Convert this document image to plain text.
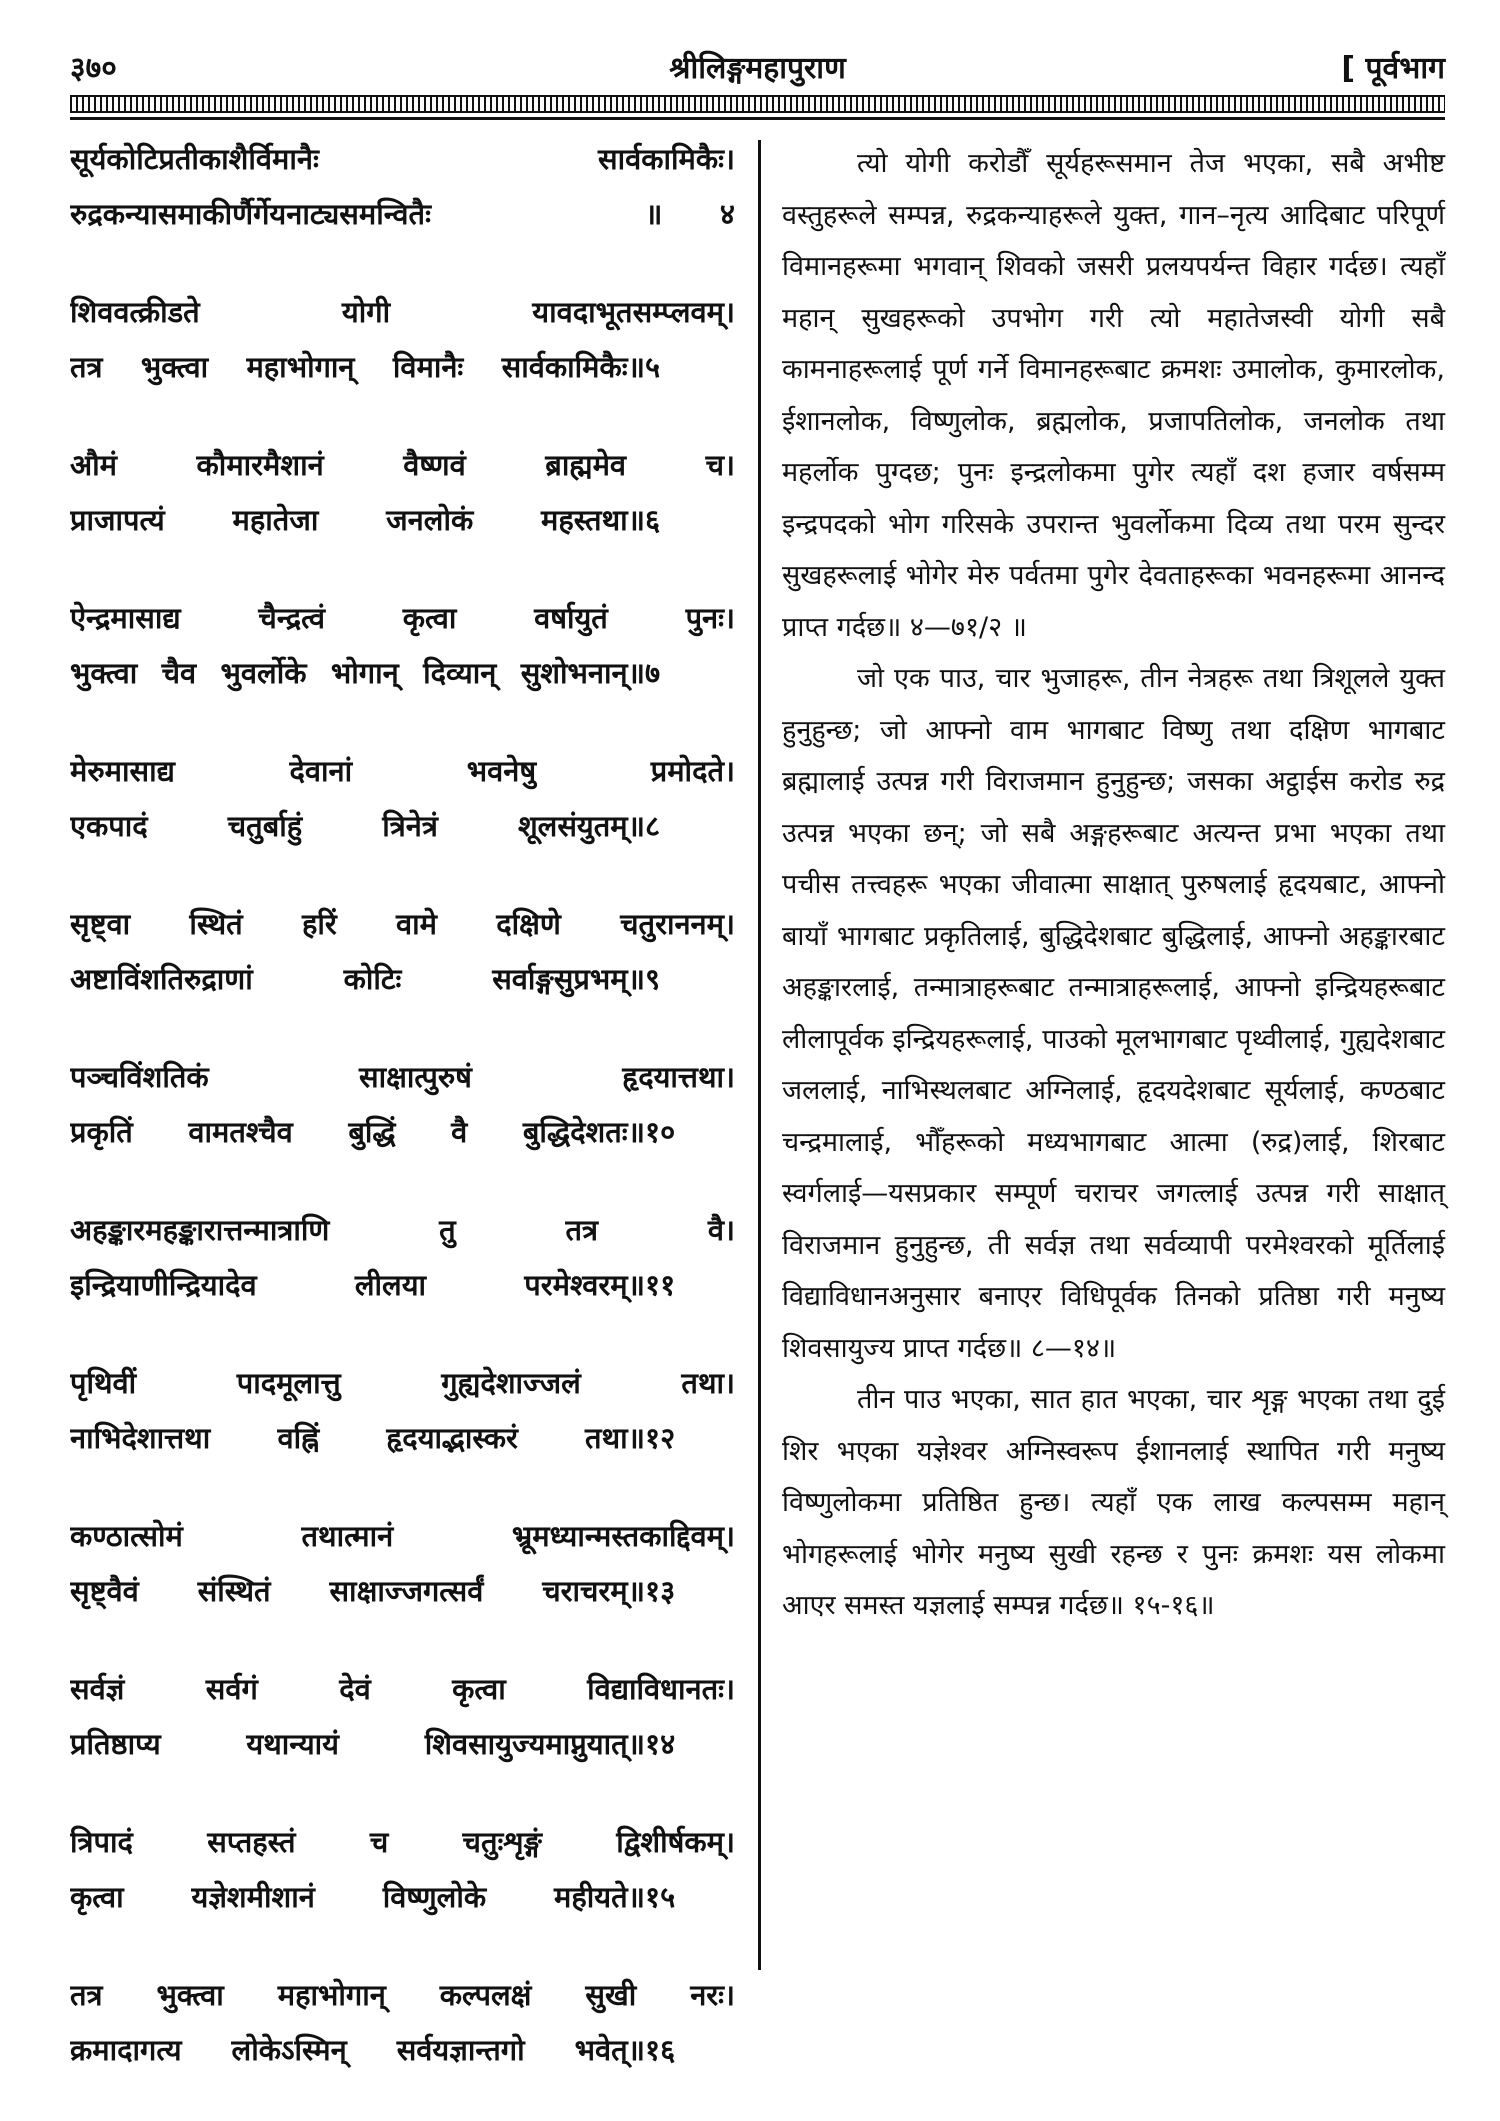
३७०	श्रीलिङ्गमहापुराण	[ पूर्वभाग
सूर्यकोटिप्रतीकाशैर्विमानैः सार्वकामिकैः।
रुद्रकन्यासमाकीर्णैर्गेयनाट्यसमन्वितैः	॥ ४
शिववत्क्रीडते योगी यावदाभूतसम्प्लवम्।
तत्र भुक्त्वा महाभोगान् विमानैः सार्वकामिकैः॥ ५
औमं कौमारमैशानं वैष्णवं ब्राह्ममेव च।
प्राजापत्यं महातेजा जनलोकं महस्तथा॥ ६
ऐन्द्रमासाद्य चैन्द्रत्वं कृत्वा वर्षायुतं पुनः।
भुक्त्वा चैव भुवर्लोके भोगान् दिव्यान् सुशोभनान्॥ ७
मेरुमासाद्य देवानां भवनेषु प्रमोदते।
एकपादं चतुर्बाहुं त्रिनेत्रं शूलसंयुतम्॥ ८
सृष्ट्वा स्थितं हरिं वामे दक्षिणे चतुराननम्।
अष्टाविंशतिरुद्राणां कोटिः सर्वाङ्गसुप्रभम्॥ ९
पञ्चविंशतिकं साक्षात्पुरुषं हृदयात्तथा।
प्रकृतिं वामतश्चैव बुद्धिं वै बुद्धिदेशतः॥ १०
अहङ्कारमहङ्कारात्तन्मात्राणि तु तत्र वै।
इन्द्रियाणीन्द्रियादेव लीलया परमेश्वरम्॥ ११
पृथिवीं पादमूलात्तु गुह्यदेशाज्जलं तथा।
नाभिदेशात्तथा वह्निं हृदयाद्भास्करं तथा॥ १२
कण्ठात्सोमं तथात्मानं भ्रूमध्यान्मस्तकाद्दिवम्।
सृष्ट्वैवं संस्थितं साक्षाज्जगत्सर्वं चराचरम्॥ १३
सर्वज्ञं सर्वगं देवं कृत्वा विद्याविधानतः।
प्रतिष्ठाप्य यथान्यायं शिवसायुज्यमाप्नुयात्॥ १४
त्रिपादं सप्तहस्तं च चतुःशृङ्गं द्विशीर्षकम्।
कृत्वा यज्ञेशमीशानं विष्णुलोके महीयते॥ १५
तत्र भुक्त्वा महाभोगान् कल्पलक्षं सुखी नरः।
क्रमादागत्य लोकेऽस्मिन् सर्वयज्ञान्तगो भवेत्॥ १६

त्यो योगी करोडौँ सूर्यहरूसमान तेज भएका, सबै अभीष्ट वस्तुहरूले सम्पन्न, रुद्रकन्याहरूले युक्त, गान–नृत्य आदिबाट परिपूर्ण विमानहरूमा भगवान् शिवको जसरी प्रलयपर्यन्त विहार गर्दछ। त्यहाँ महान् सुखहरूको उपभोग गरी त्यो महातेजस्वी योगी सबै कामनाहरूलाई पूर्ण गर्ने विमानहरूबाट क्रमशः उमालोक, कुमारलोक, ईशानलोक, विष्णुलोक, ब्रह्मलोक, प्रजापतिलोक, जनलोक तथा महर्लोक पुग्दछ; पुनः इन्द्रलोकमा पुगेर त्यहाँ दश हजार वर्षसम्म इन्द्रपदको भोग गरिसके उपरान्त भुवर्लोकमा दिव्य तथा परम सुन्दर सुखहरूलाई भोगेर मेरु पर्वतमा पुगेर देवताहरूका भवनहरूमा आनन्द प्राप्त गर्दछ॥ ४—७१/२ ॥

जो एक पाउ, चार भुजाहरू, तीन नेत्रहरू तथा त्रिशूलले युक्त हुनुहुन्छ; जो आफ्नो वाम भागबाट विष्णु तथा दक्षिण भागबाट ब्रह्मालाई उत्पन्न गरी विराजमान हुनुहुन्छ; जसका अट्ठाईस करोड रुद्र उत्पन्न भएका छन्; जो सबै अङ्गहरूबाट अत्यन्त प्रभा भएका तथा पचीस तत्त्वहरू भएका जीवात्मा साक्षात् पुरुषलाई हृदयबाट, आफ्नो बायाँ भागबाट प्रकृतिलाई, बुद्धिदेशबाट बुद्धिलाई, आफ्नो अहङ्कारबाट अहङ्कारलाई, तन्मात्राहरूबाट तन्मात्राहरूलाई, आफ्नो इन्द्रियहरूबाट लीलापूर्वक इन्द्रियहरूलाई, पाउको मूलभागबाट पृथ्वीलाई, गुह्यदेशबाट जललाई, नाभिस्थलबाट अग्निलाई, हृदयदेशबाट सूर्यलाई, कण्ठबाट चन्द्रमालाई, भौँहरूको मध्यभागबाट आत्मा (रुद्र)लाई, शिरबाट स्वर्गलाई—यसप्रकार सम्पूर्ण चराचर जगत्लाई उत्पन्न गरी साक्षात् विराजमान हुनुहुन्छ, ती सर्वज्ञ तथा सर्वव्यापी परमेश्वरको मूर्तिलाई विद्याविधानअनुसार बनाएर विधिपूर्वक तिनको प्रतिष्ठा गरी मनुष्य शिवसायुज्य प्राप्त गर्दछ॥ ८—१४॥

तीन पाउ भएका, सात हात भएका, चार शृङ्ग भएका तथा दुई शिर भएका यज्ञेश्वर अग्निस्वरूप ईशानलाई स्थापित गरी मनुष्य विष्णुलोकमा प्रतिष्ठित हुन्छ। त्यहाँ एक लाख कल्पसम्म महान् भोगहरूलाई भोगेर मनुष्य सुखी रहन्छ र पुनः क्रमशः यस लोकमा आएर समस्त यज्ञलाई सम्पन्न गर्दछ॥ १५-१६॥
